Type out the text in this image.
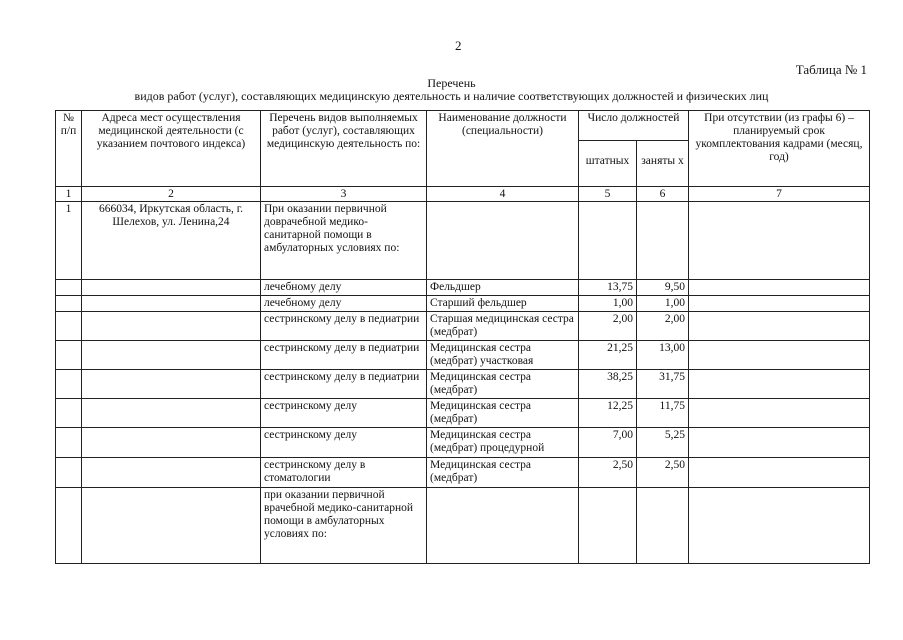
2
Таблица № 1
Перечень
видов работ (услуг), составляющих медицинскую деятельность и наличие соответствующих должностей и физических лиц
№ п/п	Адреса мест осуществления медицинской деятельности (с указанием почтового индекса)	Перечень видов выполняемых работ (услуг), составляющих медицинскую деятельность по:	Наименование должности (специальности)	Число должностей		При отсутствии (из графы 6) – планируемый срок укомплектования кадрами (месяц, год)
				штатных	заняты х	
1	2	3	4	5	6	7
1	666034, Иркутская область, г. Шелехов, ул. Ленина,24	При оказании первичной доврачебной медико-санитарной помощи в амбулаторных условиях по:				
		лечебному делу	Фельдшер	13,75	9,50	
		лечебному делу	Старший фельдшер	1,00	1,00	
		сестринскому делу в педиатрии	Старшая медицинская сестра (медбрат)	2,00	2,00	
		сестринскому делу в педиатрии	Медицинская сестра (медбрат) участковая	21,25	13,00	
		сестринскому делу в педиатрии	Медицинская сестра (медбрат)	38,25	31,75	
		сестринскому делу	Медицинская сестра (медбрат)	12,25	11,75	
		сестринскому делу	Медицинская сестра (медбрат) процедурной	7,00	5,25	
		сестринскому делу в стоматологии	Медицинская сестра (медбрат)	2,50	2,50	
		при оказании первичной врачебной медико-санитарной помощи в амбулаторных условиях по:				
